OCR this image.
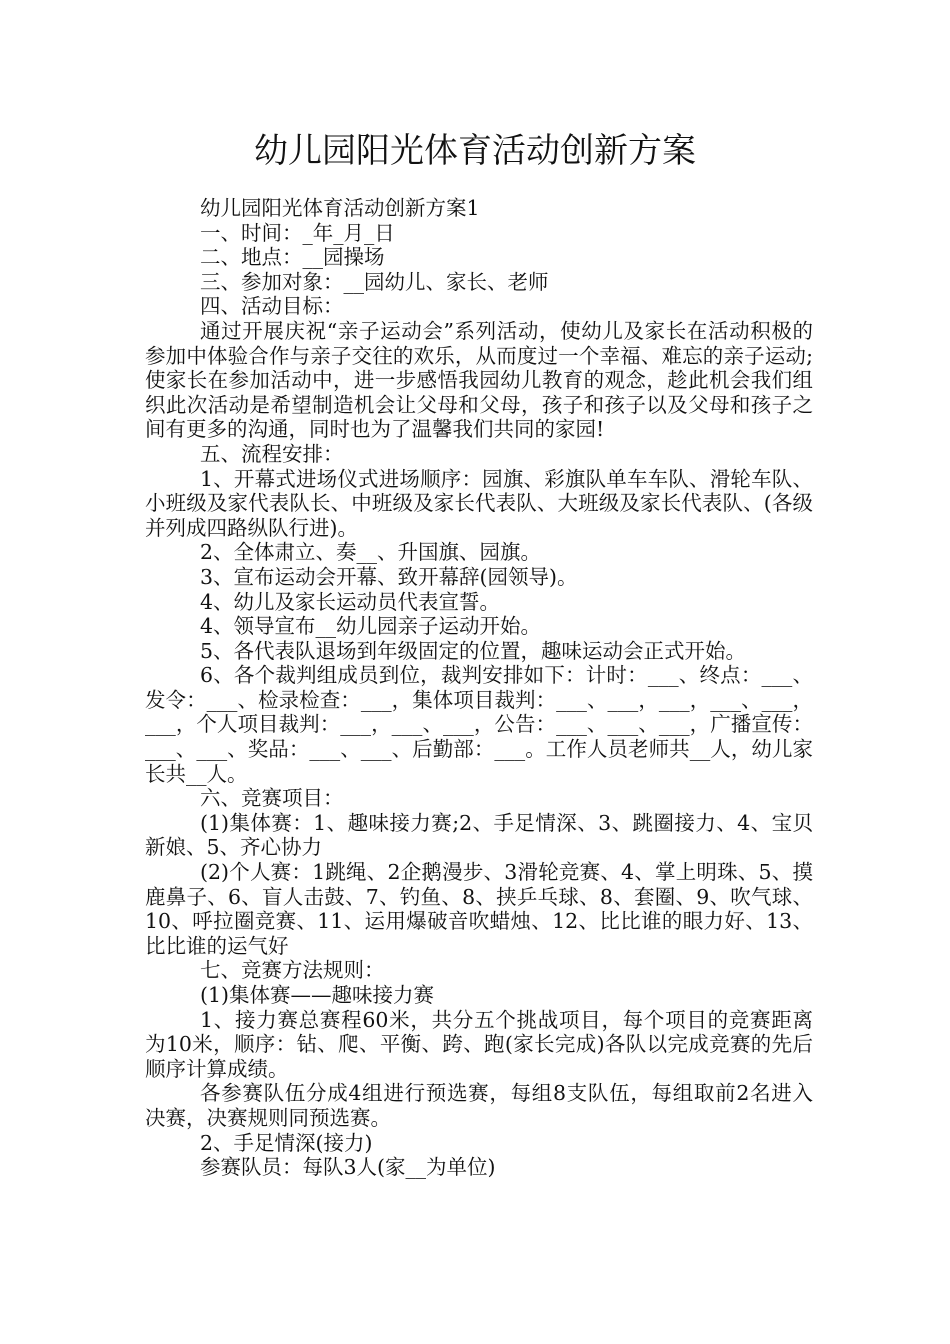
幼儿园阳光体育活动创新方案

幼儿园阳光体育活动创新方案1

一、时间：_年_月_日

二、地点：__园操场

三、参加对象：__园幼儿、家长、老师

四、活动目标：

通过开展庆祝“亲子运动会”系列活动，使幼儿及家长在活动积极的参加中体验合作与亲子交往的欢乐，从而度过一个幸福、难忘的亲子运动;使家长在参加活动中，进一步感悟我园幼儿教育的观念，趁此机会我们组织此次活动是希望制造机会让父母和父母，孩子和孩子以及父母和孩子之间有更多的沟通，同时也为了温馨我们共同的家园!

五、流程安排：

1、开幕式进场仪式进场顺序：园旗、彩旗队单车车队、滑轮车队、小班级及家代表队长、中班级及家长代表队、大班级及家长代表队、(各级并列成四路纵队行进)。

2、全体肃立、奏__、升国旗、园旗。

3、宣布运动会开幕、致开幕辞(园领导)。

4、幼儿及家长运动员代表宣誓。

4、领导宣布__幼儿园亲子运动开始。

5、各代表队退场到年级固定的位置，趣味运动会正式开始。

6、各个裁判组成员到位，裁判安排如下：计时：___、终点：___、发令：___、检录检查：___，集体项目裁判：___、___，___，___、___，___，个人项目裁判：___，___、___，公告：___、___、___，广播宣传：___、___、奖品：___、___、后勤部：___。工作人员老师共__人，幼儿家长共__人。

六、竞赛项目：

(1)集体赛：1、趣味接力赛;2、手足情深、3、跳圈接力、4、宝贝新娘、5、齐心协力

(2)个人赛：1跳绳、2企鹅漫步、3滑轮竞赛、4、掌上明珠、5、摸鹿鼻子、6、盲人击鼓、7、钓鱼、8、挟乒乓球、8、套圈、9、吹气球、10、呼拉圈竞赛、11、运用爆破音吹蜡烛、12、比比谁的眼力好、13、比比谁的运气好

七、竞赛方法规则：

(1)集体赛——趣味接力赛

1、接力赛总赛程60米，共分五个挑战项目，每个项目的竞赛距离为10米，顺序：钻、爬、平衡、跨、跑(家长完成)各队以完成竞赛的先后顺序计算成绩。

各参赛队伍分成4组进行预选赛，每组8支队伍，每组取前2名进入决赛，决赛规则同预选赛。

2、手足情深(接力)

参赛队员：每队3人(家__为单位)
